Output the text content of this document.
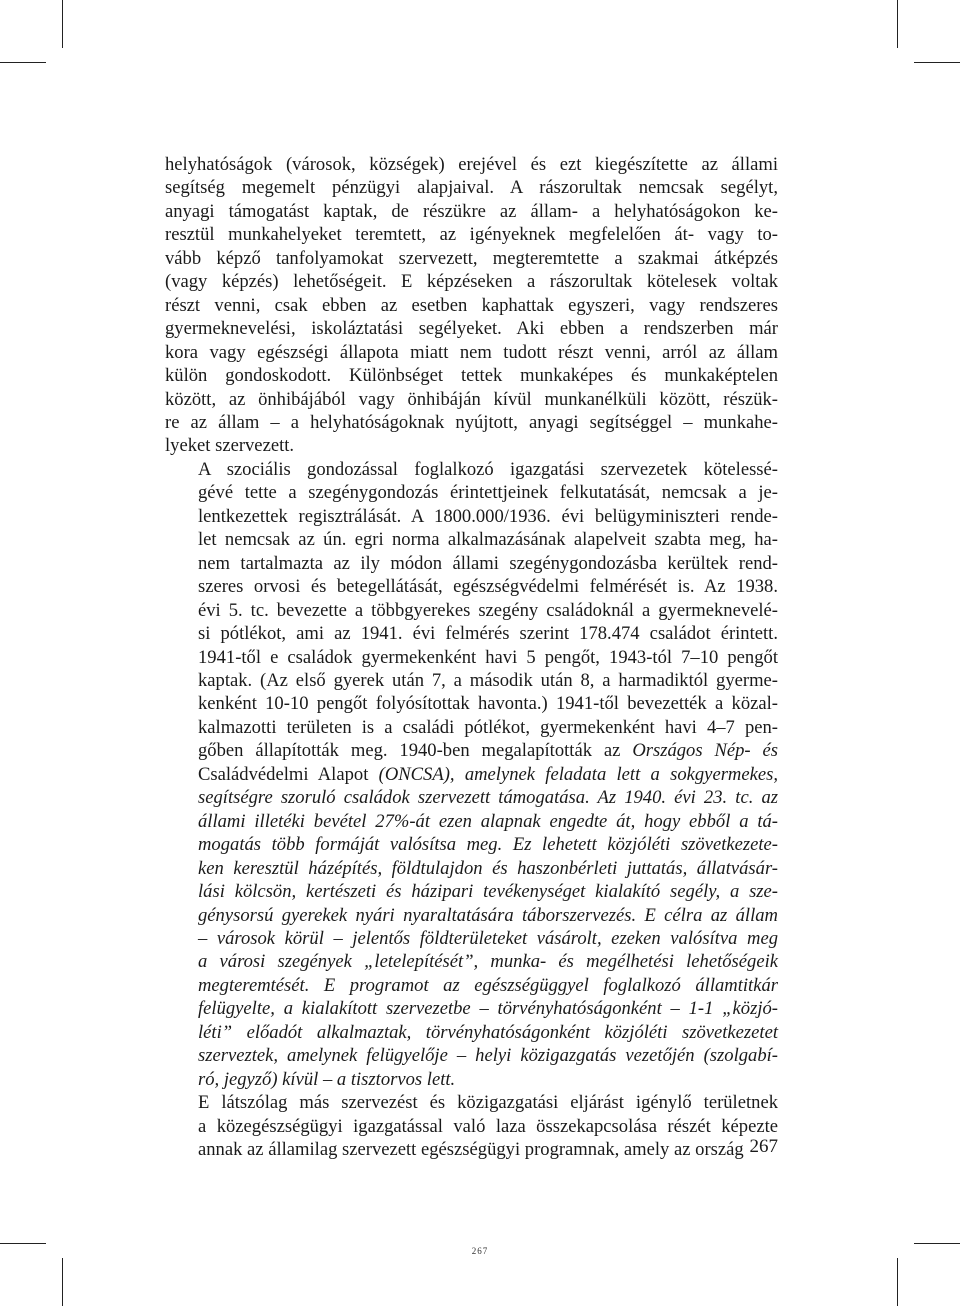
helyhatóságok (városok, községek) erejével és ezt kiegészítette az állami
segítség megemelt pénzügyi alapjaival. A rászorultak nemcsak segélyt,
anyagi támogatást kaptak, de részükre az állam- a helyhatóságokon ke-
resztül munkahelyeket teremtett, az igényeknek megfelelően át- vagy to-
vább képző tanfolyamokat szervezett, megteremtette a szakmai átképzés
(vagy képzés) lehetőségeit. E képzéseken a rászorultak kötelesek voltak
részt venni, csak ebben az esetben kaphattak egyszeri, vagy rendszeres
gyermeknevelési, iskoláztatási segélyeket. Aki ebben a rendszerben már
kora vagy egészségi állapota miatt nem tudott részt venni, arról az állam
külön gondoskodott. Különbséget tettek munkaképes és munkaképtelen
között, az önhibájából vagy önhibáján kívül munkanélküli között, részük-
re az állam – a helyhatóságoknak nyújtott, anyagi segítséggel – munkahe-
lyeket szervezett.

A szociális gondozással foglalkozó igazgatási szervezetek kötelessé-
gévé tette a szegénygondozás érintettjeinek felkutatását, nemcsak a je-
lentkezettek regisztrálását. A 1800.000/1936. évi belügyminiszteri rende-
let nemcsak az ún. egri norma alkalmazásának alapelveit szabta meg, ha-
nem tartalmazta az ily módon állami szegénygondozásba kerültek rend-
szeres orvosi és betegellátását, egészségvédelmi felmérését is. Az 1938.
évi 5. tc. bevezette a többgyerekes szegény családoknál a gyermeknevelé-
si pótlékot, ami az 1941. évi felmérés szerint 178.474 családot érintett.
1941-től e családok gyermekenként havi 5 pengőt, 1943-tól 7–10 pengőt
kaptak. (Az első gyerek után 7, a második után 8, a harmadiktól gyerme-
kenként 10-10 pengőt folyósítottak havonta.) 1941-től bevezették a közal-
kalmazotti területen is a családi pótlékot, gyermekenként havi 4–7 pen-
gőben állapították meg. 1940-ben megalapították az Országos Nép- és
Családvédelmi Alapot (ONCSA), amelynek feladata lett a sokgyermekes,
segítségre szoruló családok szervezett támogatása. Az 1940. évi 23. tc. az
állami illetéki bevétel 27%-át ezen alapnak engedte át, hogy ebből a tá-
mogatás több formáját valósítsa meg. Ez lehetett közjóléti szövetkezete-
ken keresztül házépítés, földtulajdon és haszonbérleti juttatás, állatvásár-
lási kölcsön, kertészeti és házipari tevékenységet kialakító segély, a sze-
génysorsú gyerekek nyári nyaraltatására táborszervezés. E célra az állam
– városok körül – jelentős földterületeket vásárolt, ezeken valósítva meg
a városi szegények „letelepítését”, munka- és megélhetési lehetőségeik
megteremtését. E programot az egészségüggyel foglalkozó államtitkár
felügyelte, a kialakított szervezetbe – törvényhatóságonként – 1-1 „közjó-
léti” előadót alkalmaztak, törvényhatóságonként közjóléti szövetkezetet
szerveztek, amelynek felügyelője – helyi közigazgatás vezetőjén (szolgabí-
ró, jegyző) kívül – a tisztorvos lett.

E látszólag más szervezést és közigazgatási eljárást igénylő területnek
a közegészségügyi igazgatással való laza összekapcsolása részét képezte
annak az államilag szervezett egészségügyi programnak, amely az ország 267
267
